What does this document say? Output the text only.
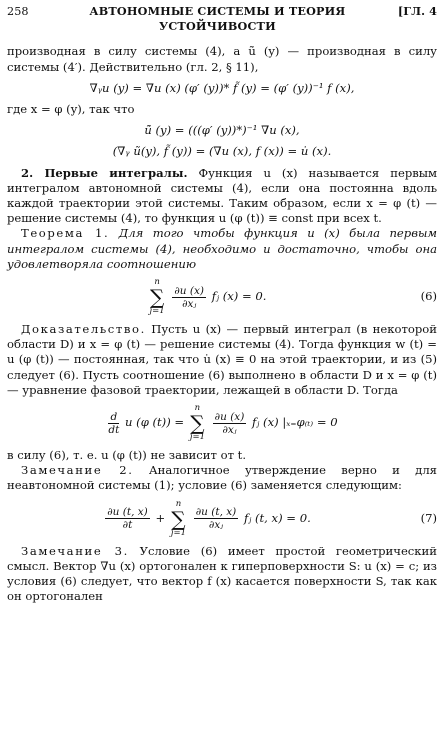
258	АВТОНОМНЫЕ СИСТЕМЫ И ТЕОРИЯ УСТОЙЧИВОСТИ
[ГЛ. 4

производная в силу системы (4), а ũ̇ (y) — производная в силу системы (4′). Действительно (гл. 2, § 11),

∇ᵧu (y) = ∇u (x) (φ′ (y))* f̃ (y) = (φ′ (y))⁻¹ f (x),

где x = φ (y), так что

ũ̇ (y) = (((φ′ (y))*)⁻¹ ∇u (x),
(∇ᵧ ũ(y), f̃ (y)) = (∇u (x), f (x)) = u̇ (x).

2. Первые интегралы. Функция u (x) называется первым интегралом автономной системы (4), если она постоянна вдоль каждой траектории этой системы. Таким образом, если x = φ (t) — решение системы (4), то функция u (φ (t)) ≡ const при всех t.

Теорема 1. Для того чтобы функция u (x) была первым интегралом системы (4), необходимо и достаточно, чтобы она удовлетворяла соотношению

n
∑
j=1

$\frac{\partial u (x)}{\text{∂xⱼ}}$ fⱼ (x) = 0.	(6)

Доказательство. Пусть u (x) — первый интеграл (в некоторой области D) и x = φ (t) — решение системы (4). Тогда функция w (t) = u (φ (t)) — постоянная, так что u̇ (x) ≡ 0 на этой траектории, и из (5) следует (6). Пусть соотношение (6) выполнено в области D и x = φ (t) — уравнение фазовой траектории, лежащей в области D. Тогда

$\frac{d}{dt}$ u (φ (t)) =
n
∑
j=1

$\frac{\partial u (x)}{\text{∂xⱼ}}$ fⱼ (x) |ₓ₌φ₍ₜ₎ = 0

в силу (6), т. е. u (φ (t)) не зависит от t.

Замечание 2. Аналогичное утверждение верно и для неавтономной системы (1); условие (6) заменяется следующим:

$\frac{\partial u (t, x)}{\partial t}$ +
n
∑
j=1

$\frac{\partial u (t, x)}{\text{∂xⱼ}}$ fⱼ (t, x) = 0.	(7)

Замечание 3. Условие (6) имеет простой геометрический смысл. Вектор ∇u (x) ортогонален к гиперповерхности S: u (x) = c; из условия (6) следует, что вектор f (x) касается поверхности S, так как он ортогонален
